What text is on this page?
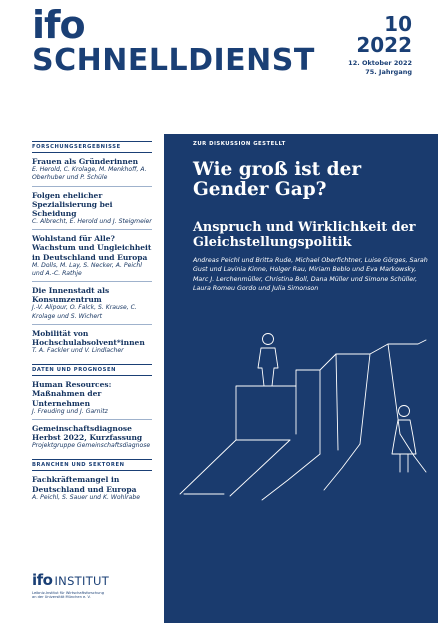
ifo
SCHNELLDIENST
10
2022
12. Oktober 2022
75. Jahrgang
FORSCHUNGSERGEBNISSE
Frauen als Gründerinnen
E. Herold, C. Krolage, M. Menkhoff, A. Oberhuber und P. Schüle
Folgen ehelicher Spezialisierung bei Scheidung
C. Albrecht, E. Herold und J. Steigmeier
Wohlstand für Alle? Wachstum und Ungleichheit in Deutschland und Europa
M. Dolls, M. Lay, S. Necker, A. Peichl und A.-C. Rathje
Die Innenstadt als Konsumzentrum
J.-V. Alipour, O. Falck, S. Krause, C. Krolage und S. Wichert
Mobilität von Hochschulabsolvent*innen
T. A. Fackler und V. Lindlacher
DATEN UND PROGNOSEN
Human Resources: Maßnahmen der Unternehmen
J. Freuding und J. Garnitz
Gemeinschaftsdiagnose Herbst 2022, Kurzfassung
Projektgruppe Gemeinschaftsdiagnose
BRANCHEN UND SEKTOREN
Fachkräftemangel in Deutschland und Europa
A. Peichl, S. Sauer und K. Wohlrabe
ifo INSTITUT
Leibniz-Institut für Wirtschaftsforschung
an der Universität München e. V.
ZUR DISKUSSION GESTELLT
Wie groß ist der Gender Gap?
Anspruch und Wirklichkeit der Gleichstellungspolitik
Andreas Peichl und Britta Rude, Michael Oberfichtner, Luise Görges, Sarah Gust und Lavinia Kinne, Holger Rau, Miriam Beblo und Eva Markowsky, Marc J. Lerchenmüller, Christina Boll, Dana Müller und Simone Schüller, Laura Romeu Gordo und Julia Simonson
